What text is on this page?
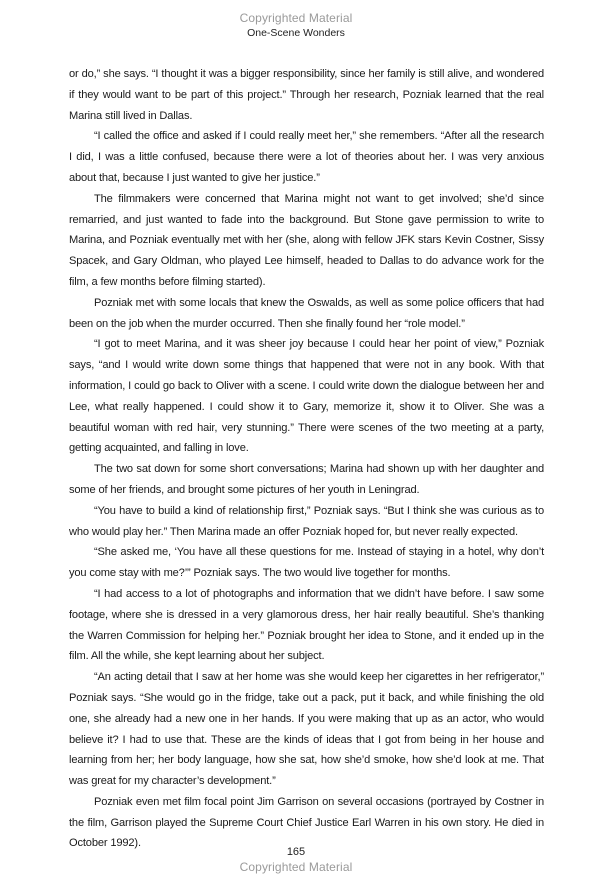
Copyrighted Material
One-Scene Wonders

or do,” she says. “I thought it was a bigger responsibility, since her family is still alive, and wondered if they would want to be part of this project.” Through her research, Pozniak learned that the real Marina still lived in Dallas.

“I called the office and asked if I could really meet her,” she remembers. “After all the research I did, I was a little confused, because there were a lot of theories about her. I was very anxious about that, because I just wanted to give her justice.”

The filmmakers were concerned that Marina might not want to get involved; she’d since remarried, and just wanted to fade into the background. But Stone gave permission to write to Marina, and Pozniak eventually met with her (she, along with fellow JFK stars Kevin Costner, Sissy Spacek, and Gary Oldman, who played Lee himself, headed to Dallas to do advance work for the film, a few months before filming started).

Pozniak met with some locals that knew the Oswalds, as well as some police officers that had been on the job when the murder occurred. Then she finally found her “role model.”

“I got to meet Marina, and it was sheer joy because I could hear her point of view,” Pozniak says, “and I would write down some things that happened that were not in any book. With that information, I could go back to Oliver with a scene. I could write down the dialogue between her and Lee, what really happened. I could show it to Gary, memorize it, show it to Oliver. She was a beautiful woman with red hair, very stunning.” There were scenes of the two meeting at a party, getting acquainted, and falling in love.

The two sat down for some short conversations; Marina had shown up with her daughter and some of her friends, and brought some pictures of her youth in Leningrad.

“You have to build a kind of relationship first,” Pozniak says. “But I think she was curious as to who would play her.” Then Marina made an offer Pozniak hoped for, but never really expected.

“She asked me, ‘You have all these questions for me. Instead of staying in a hotel, why don’t you come stay with me?’” Pozniak says. The two would live together for months.

“I had access to a lot of photographs and information that we didn’t have before. I saw some footage, where she is dressed in a very glamorous dress, her hair really beautiful. She’s thanking the Warren Commission for helping her.” Pozniak brought her idea to Stone, and it ended up in the film. All the while, she kept learning about her subject.

“An acting detail that I saw at her home was she would keep her cigarettes in her refrigerator,” Pozniak says. “She would go in the fridge, take out a pack, put it back, and while finishing the old one, she already had a new one in her hands. If you were making that up as an actor, who would believe it? I had to use that. These are the kinds of ideas that I got from being in her house and learning from her; her body language, how she sat, how she’d smoke, how she’d look at me. That was great for my character’s development.”

Pozniak even met film focal point Jim Garrison on several occasions (portrayed by Costner in the film, Garrison played the Supreme Court Chief Justice Earl Warren in his own story. He died in October 1992).

165
Copyrighted Material
